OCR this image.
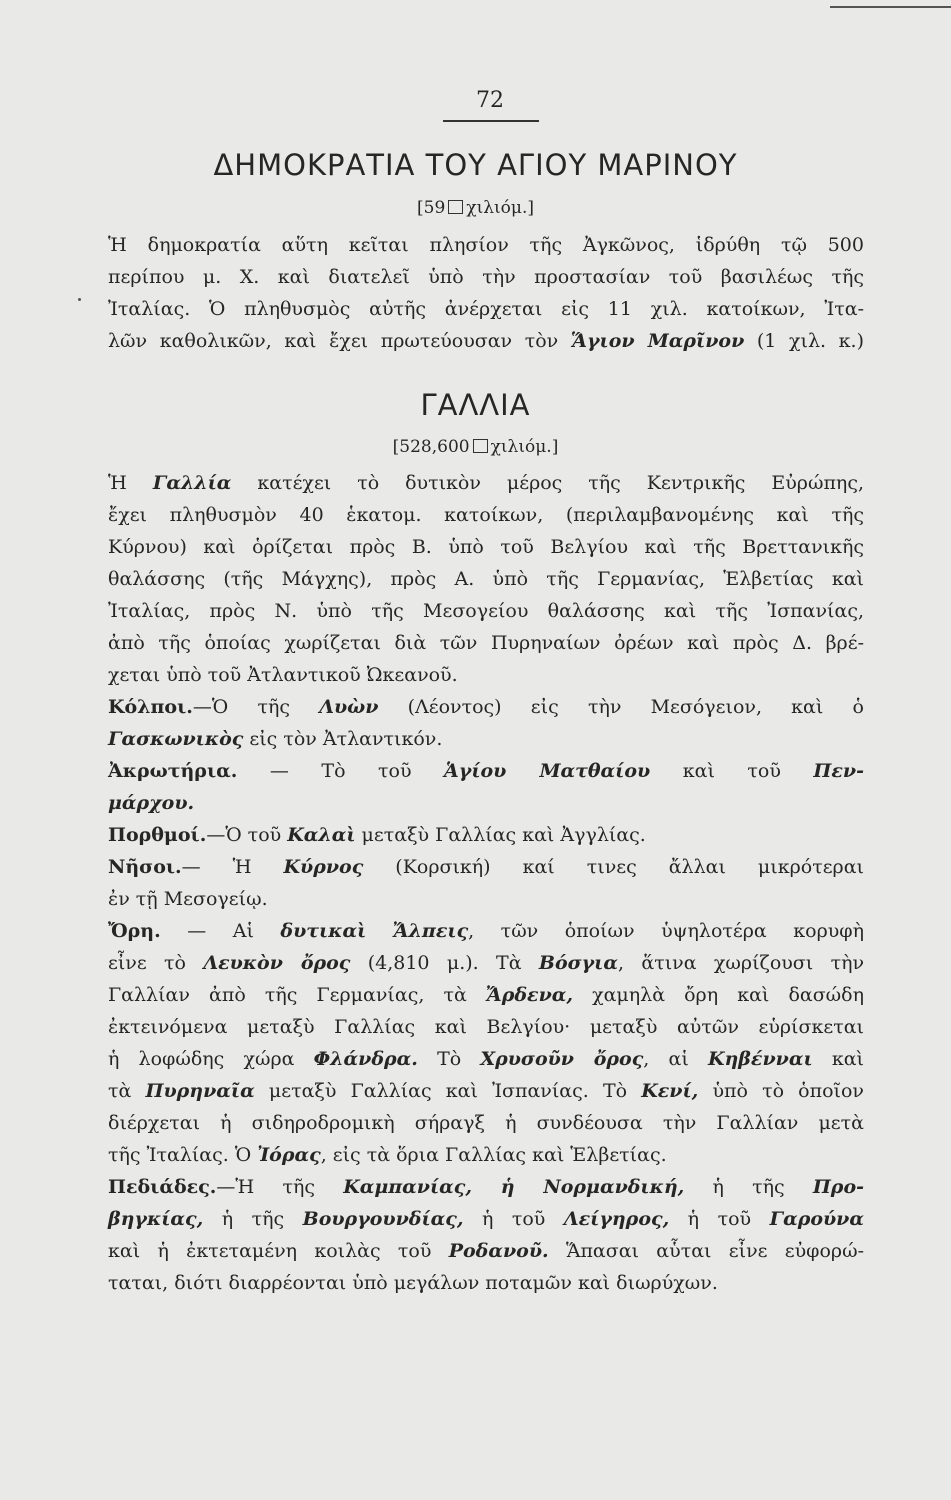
72
ΔΗΜΟΚΡΑΤΙΑ ΤΟΥ ΑΓΙΟΥ ΜΑΡΙΝΟΥ
[59 χιλιόμ.]
Ἡ δημοκρατία αὕτη κεῖται πλησίον τῆς Ἀγκῶνος, ἱδρύθη τῷ 500
περίπου μ. Χ. καὶ διατελεῖ ὑπὸ τὴν προστασίαν τοῦ βασιλέως τῆς
Ἰταλίας. Ὁ πληθυσμὸς αὐτῆς ἀνέρχεται εἰς 11 χιλ. κατοίκων, Ἰτα-
λῶν καθολικῶν, καὶ ἔχει πρωτεύουσαν τὸν Ἅγιον Μαρῖνον (1 χιλ. κ.)
ΓΑΛΛΙΑ
[528,600 χιλιόμ.]
Ἡ Γαλλία κατέχει τὸ δυτικὸν μέρος τῆς Κεντρικῆς Εὐρώπης,
ἔχει πληθυσμὸν 40 ἑκατομ. κατοίκων, (περιλαμβανομένης καὶ τῆς
Κύρνου) καὶ ὁρίζεται πρὸς Β. ὑπὸ τοῦ Βελγίου καὶ τῆς Βρεττανικῆς
θαλάσσης (τῆς Μάγχης), πρὸς Α. ὑπὸ τῆς Γερμανίας, Ἑλβετίας καὶ
Ἰταλίας, πρὸς Ν. ὑπὸ τῆς Μεσογείου θαλάσσης καὶ τῆς Ἰσπανίας,
ἀπὸ τῆς ὁποίας χωρίζεται διὰ τῶν Πυρηναίων ὀρέων καὶ πρὸς Δ. βρέ-
χεται ὑπὸ τοῦ Ἀτλαντικοῦ Ὠκεανοῦ.
Κόλποι.—Ὁ τῆς Λυὼν (Λέοντος) εἰς τὴν Μεσόγειον, καὶ ὁ
Γασκωνικὸς εἰς τὸν Ἀτλαντικόν.
Ἀκρωτήρια. — Τὸ τοῦ Ἁγίου Ματθαίου καὶ τοῦ Πεν-
μάρχου.
Πορθμοί.—Ὁ τοῦ Καλαὶ μεταξὺ Γαλλίας καὶ Ἀγγλίας.
Νῆσοι.— Ἡ Κύρνος (Κορσική) καί τινες ἄλλαι μικρότεραι
ἐν τῇ Μεσογείῳ.
Ὄρη. — Αἱ δυτικαὶ Ἄλπεις, τῶν ὁποίων ὑψηλοτέρα κορυφὴ
εἶνε τὸ Λευκὸν ὄρος (4,810 μ.). Τὰ Βόσγια, ἅτινα χωρίζουσι τὴν
Γαλλίαν ἀπὸ τῆς Γερμανίας, τὰ Ἄρδενα, χαμηλὰ ὄρη καὶ δασώδη
ἐκτεινόμενα μεταξὺ Γαλλίας καὶ Βελγίου· μεταξὺ αὐτῶν εὑρίσκεται
ἡ λοφώδης χώρα Φλάνδρα. Τὸ Χρυσοῦν ὄρος, αἱ Κηβένναι καὶ
τὰ Πυρηναῖα μεταξὺ Γαλλίας καὶ Ἰσπανίας. Τὸ Κενί, ὑπὸ τὸ ὁποῖον
διέρχεται ἡ σιδηροδρομικὴ σήραγξ ἡ συνδέουσα τὴν Γαλλίαν μετὰ
τῆς Ἰταλίας. Ὁ Ἰόρας, εἰς τὰ ὅρια Γαλλίας καὶ Ἑλβετίας.
Πεδιάδες.—Ἡ τῆς Καμπανίας, ἡ Νορμανδική, ἡ τῆς Προ-
βηγκίας, ἡ τῆς Βουργουνδίας, ἡ τοῦ Λείγηρος, ἡ τοῦ Γαρούνα
καὶ ἡ ἐκτεταμένη κοιλὰς τοῦ Ροδανοῦ. Ἅπασαι αὗται εἶνε εὐφορώ-
ταται, διότι διαρρέονται ὑπὸ μεγάλων ποταμῶν καὶ διωρύχων.
